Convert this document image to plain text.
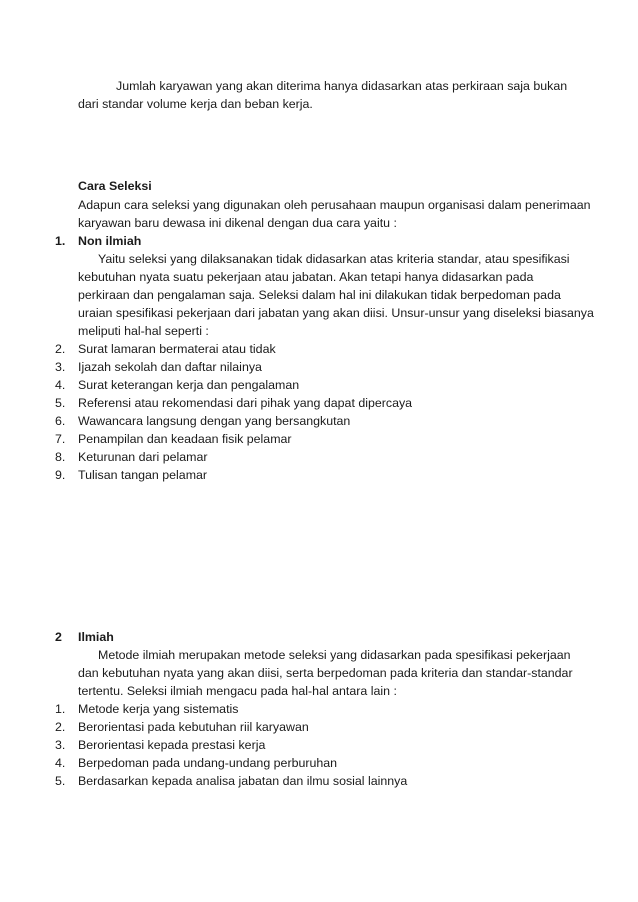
Jumlah karyawan yang akan diterima hanya didasarkan atas perkiraan saja bukan
dari standar volume kerja dan beban kerja.
Cara Seleksi
Adapun cara seleksi yang digunakan oleh perusahaan maupun organisasi dalam penerimaan
karyawan baru dewasa ini dikenal dengan dua cara yaitu :
1. Non ilmiah
Yaitu seleksi yang dilaksanakan tidak didasarkan atas kriteria standar, atau spesifikasi
kebutuhan nyata suatu pekerjaan atau jabatan. Akan tetapi hanya didasarkan pada
perkiraan dan pengalaman saja. Seleksi dalam hal ini dilakukan tidak berpedoman pada
uraian spesifikasi pekerjaan dari jabatan yang akan diisi. Unsur-unsur yang diseleksi biasanya
meliputi hal-hal seperti :
2. Surat lamaran bermaterai atau tidak
3. Ijazah sekolah dan daftar nilainya
4. Surat keterangan kerja dan pengalaman
5. Referensi atau rekomendasi dari pihak yang dapat dipercaya
6. Wawancara langsung dengan yang bersangkutan
7. Penampilan dan keadaan fisik pelamar
8. Keturunan dari pelamar
9. Tulisan tangan pelamar
2 Ilmiah
Metode ilmiah merupakan metode seleksi yang didasarkan pada spesifikasi pekerjaan
dan kebutuhan nyata yang akan diisi, serta berpedoman pada kriteria dan standar-standar
tertentu. Seleksi ilmiah mengacu pada hal-hal antara lain :
1. Metode kerja yang sistematis
2. Berorientasi pada kebutuhan riil karyawan
3. Berorientasi kepada prestasi kerja
4. Berpedoman pada undang-undang perburuhan
5. Berdasarkan kepada analisa jabatan dan ilmu sosial lainnya
